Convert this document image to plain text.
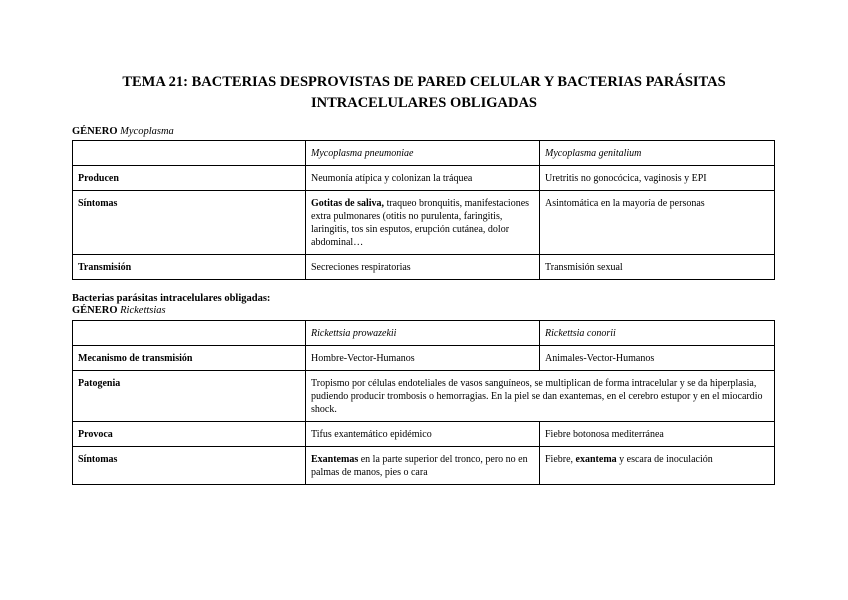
TEMA 21: BACTERIAS DESPROVISTAS DE PARED CELULAR Y BACTERIAS PARÁSITAS
INTRACELULARES OBLIGADAS
GÉNERO Mycoplasma
	Mycoplasma pneumoniae	Mycoplasma genitalium
Producen	Neumonía atípica y colonizan la tráquea	Uretritis no gonocócica, vaginosis y EPI
Síntomas	Gotitas de saliva, traqueo bronquitis, manifestaciones extra pulmonares (otitis no purulenta, faringitis, laringitis, tos sin esputos, erupción cutánea, dolor abdominal…	Asintomática en la mayoría de personas
Transmisión	Secreciones respiratorias	Transmisión sexual
Bacterias parásitas intracelulares obligadas:
GÉNERO Rickettsias
	Rickettsia prowazekii	Rickettsia conorii
Mecanismo de transmisión	Hombre-Vector-Humanos	Animales-Vector-Humanos
Patogenia	Tropismo por células endoteliales de vasos sanguíneos, se multiplican de forma intracelular y se da hiperplasia, pudiendo producir trombosis o hemorragias. En la piel se dan exantemas, en el cerebro estupor y en el miocardio shock.	
Provoca	Tifus exantemático epidémico	Fiebre botonosa mediterránea
Síntomas	Exantemas en la parte superior del tronco, pero no en palmas de manos, pies o cara	Fiebre, exantema y escara de inoculación
